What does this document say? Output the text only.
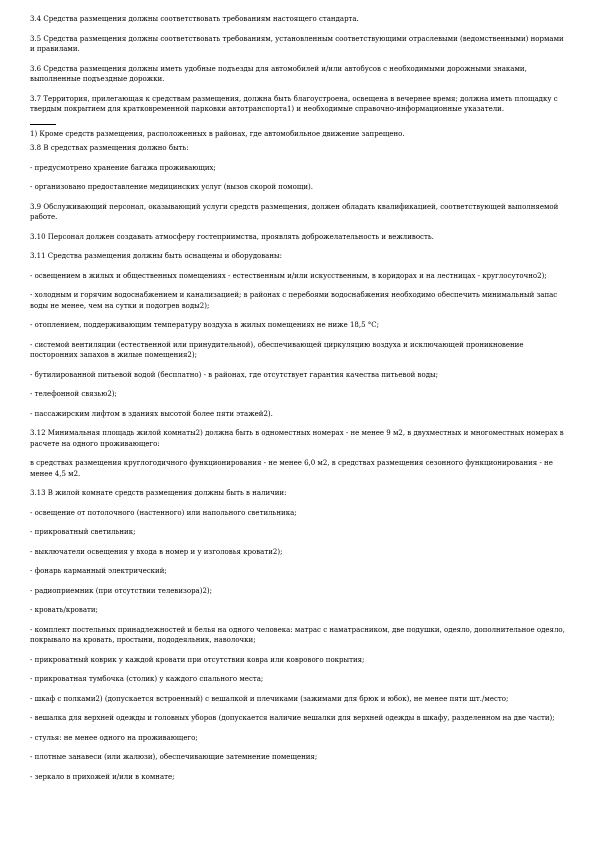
3.4 Средства размещения должны соответствовать требованиям настоящего стандарта.

3.5 Средства размещения должны соответствовать требованиям, установленным соответствующими отраслевыми (ведомственными) нормами и правилами.

3.6 Средства размещения должны иметь удобные подъезды для автомобилей и/или автобусов с необходимыми дорожными знаками, выполненные подъездные дорожки.

3.7 Территория, прилегающая к средствам размещения, должна быть благоустроена, освещена в вечернее время; должна иметь площадку с твердым покрытием для кратковременной парковки автотранспорта1) и необходимые справочно-информационные указатели.

1) Кроме средств размещения, расположенных в районах, где автомобильное движение запрещено.

3.8 В средствах размещения должно быть:

- предусмотрено хранение багажа проживающих;

- организовано предоставление медицинских услуг (вызов скорой помощи).

3.9 Обслуживающий персонал, оказывающий услуги средств размещения, должен обладать квалификацией, соответствующей выполняемой работе.

3.10 Персонал должен создавать атмосферу гостеприимства, проявлять доброжелательность и вежливость.

3.11 Средства размещения должны быть оснащены и оборудованы:

- освещением в жилых и общественных помещениях - естественным и/или искусственным, в коридорах и на лестницах - круглосуточно2);

- холодным и горячим водоснабжением и канализацией; в районах с перебоями водоснабжения необходимо обеспечить минимальный запас воды не менее, чем на сутки и подогрев воды2);

- отоплением, поддерживающим температуру воздуха в жилых помещениях не ниже 18,5 °С;

- системой вентиляции (естественной или принудительной), обеспечивающей циркуляцию воздуха и исключающей проникновение посторонних запахов в жилые помещения2);

- бутилированной питьевой водой (бесплатно) - в районах, где отсутствует гарантия качества питьевой воды;

- телефонной связью2);

- пассажирским лифтом в зданиях высотой более пяти этажей2).

3.12 Минимальная площадь жилой комнаты2) должна быть в одноместных номерах - не менее 9 м2, в двухместных и многоместных номерах в расчете на одного проживающего:

в средствах размещения круглогодичного функционирования - не менее 6,0 м2, в средствах размещения сезонного функционирования - не менее 4,5 м2.

3.13 В жилой комнате средств размещения должны быть в наличии:

- освещение от потолочного (настенного) или напольного светильника;

- прикроватный светильник;

- выключатели освещения у входа в номер и у изголовья кровати2);

- фонарь карманный электрический;

- радиоприемник (при отсутствии телевизора)2);

- кровать/кровати;

- комплект постельных принадлежностей и белья на одного человека: матрас с наматрасником, две подушки, одеяло, дополнительное одеяло, покрывало на кровать, простыни, пододеяльник, наволочки;

- прикроватный коврик у каждой кровати при отсутствии ковра или коврового покрытия;

- прикроватная тумбочка (столик) у каждого спального места;

- шкаф с полками2) (допускается встроенный) с вешалкой и плечиками (зажимами для брюк и юбок), не менее пяти шт./место;

- вешалка для верхней одежды и головных уборов (допускается наличие вешалки для верхней одежды в шкафу, разделенном на две части);

- стулья: не менее одного на проживающего;

- плотные занавеси (или жалюзи), обеспечивающие затемнение помещения;

- зеркало в прихожей и/или в комнате;
